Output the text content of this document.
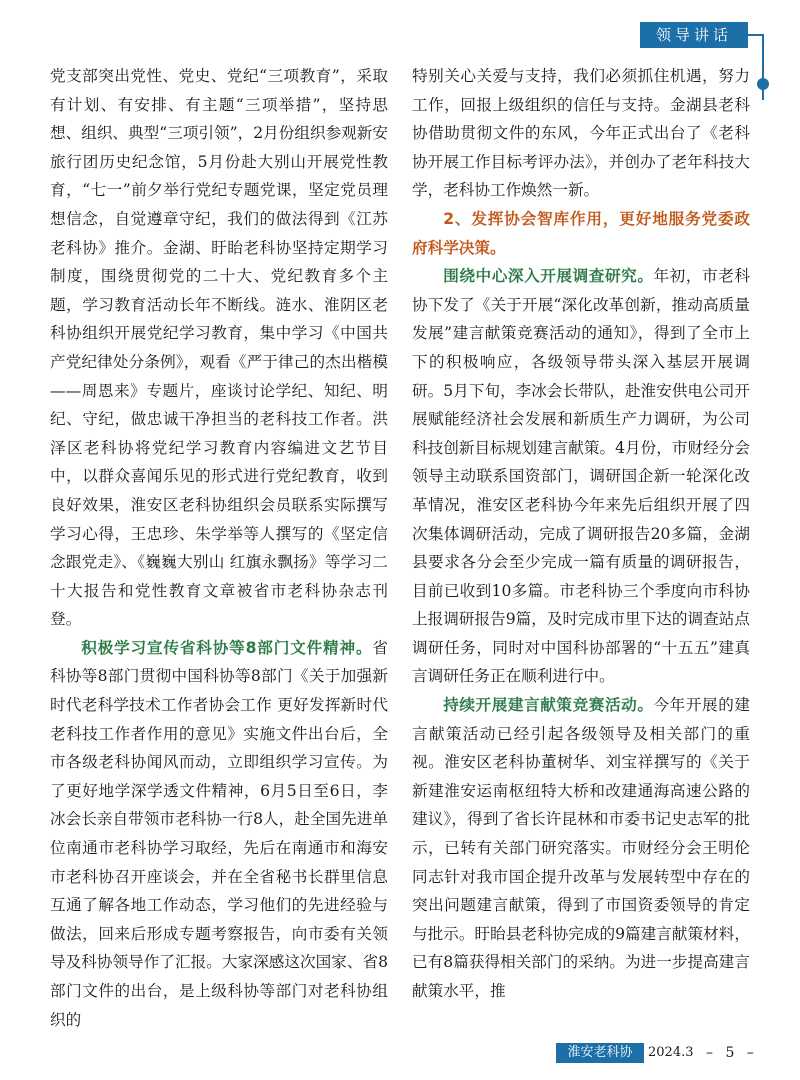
领导讲话

党支部突出党性、党史、党纪“三项教育”，采取有计划、有安排、有主题“三项举措”，坚持思想、组织、典型“三项引领”，2月份组织参观新安旅行团历史纪念馆，5月份赴大别山开展党性教育，“七一”前夕举行党纪专题党课，坚定党员理想信念，自觉遵章守纪，我们的做法得到《江苏老科协》推介。金湖、盱眙老科协坚持定期学习制度，围绕贯彻党的二十大、党纪教育多个主题，学习教育活动长年不断线。涟水、淮阴区老科协组织开展党纪学习教育，集中学习《中国共产党纪律处分条例》，观看《严于律己的杰出楷模——周恩来》专题片，座谈讨论学纪、知纪、明纪、守纪，做忠诚干净担当的老科技工作者。洪泽区老科协将党纪学习教育内容编进文艺节目中，以群众喜闻乐见的形式进行党纪教育，收到良好效果，淮安区老科协组织会员联系实际撰写学习心得，王忠珍、朱学举等人撰写的《坚定信念跟党走》、《巍巍大别山 红旗永飘扬》等学习二十大报告和党性教育文章被省市老科协杂志刊登。

积极学习宣传省科协等8部门文件精神。省科协等8部门贯彻中国科协等8部门《关于加强新时代老科学技术工作者协会工作 更好发挥新时代老科技工作者作用的意见》实施文件出台后，全市各级老科协闻风而动，立即组织学习宣传。为了更好地学深学透文件精神，6月5日至6日，李冰会长亲自带领市老科协一行8人，赴全国先进单位南通市老科协学习取经，先后在南通市和海安市老科协召开座谈会，并在全省秘书长群里信息互通了解各地工作动态，学习他们的先进经验与做法，回来后形成专题考察报告，向市委有关领导及科协领导作了汇报。大家深感这次国家、省8部门文件的出台，是上级科协等部门对老科协组织的

特别关心关爱与支持，我们必须抓住机遇，努力工作，回报上级组织的信任与支持。金湖县老科协借助贯彻文件的东风，今年正式出台了《老科协开展工作目标考评办法》，并创办了老年科技大学，老科协工作焕然一新。

2、发挥协会智库作用，更好地服务党委政府科学决策。

围绕中心深入开展调查研究。年初，市老科协下发了《关于开展“深化改革创新，推动高质量发展”建言献策竞赛活动的通知》，得到了全市上下的积极响应，各级领导带头深入基层开展调研。5月下旬，李冰会长带队，赴淮安供电公司开展赋能经济社会发展和新质生产力调研，为公司科技创新目标规划建言献策。4月份，市财经分会领导主动联系国资部门，调研国企新一轮深化改革情况，淮安区老科协今年来先后组织开展了四次集体调研活动，完成了调研报告20多篇，金湖县要求各分会至少完成一篇有质量的调研报告，目前已收到10多篇。市老科协三个季度向市科协上报调研报告9篇，及时完成市里下达的调查站点调研任务，同时对中国科协部署的“十五五”建真言调研任务正在顺利进行中。

持续开展建言献策竞赛活动。今年开展的建言献策活动已经引起各级领导及相关部门的重视。淮安区老科协董树华、刘宝祥撰写的《关于新建淮安运南枢纽特大桥和改建通海高速公路的建议》，得到了省长许昆林和市委书记史志军的批示，已转有关部门研究落实。市财经分会王明伦同志针对我市国企提升改革与发展转型中存在的突出问题建言献策，得到了市国资委领导的肯定与批示。盱眙县老科协完成的9篇建言献策材料，已有8篇获得相关部门的采纳。为进一步提高建言献策水平，推

淮安老科协	2024.3 – 5 –
